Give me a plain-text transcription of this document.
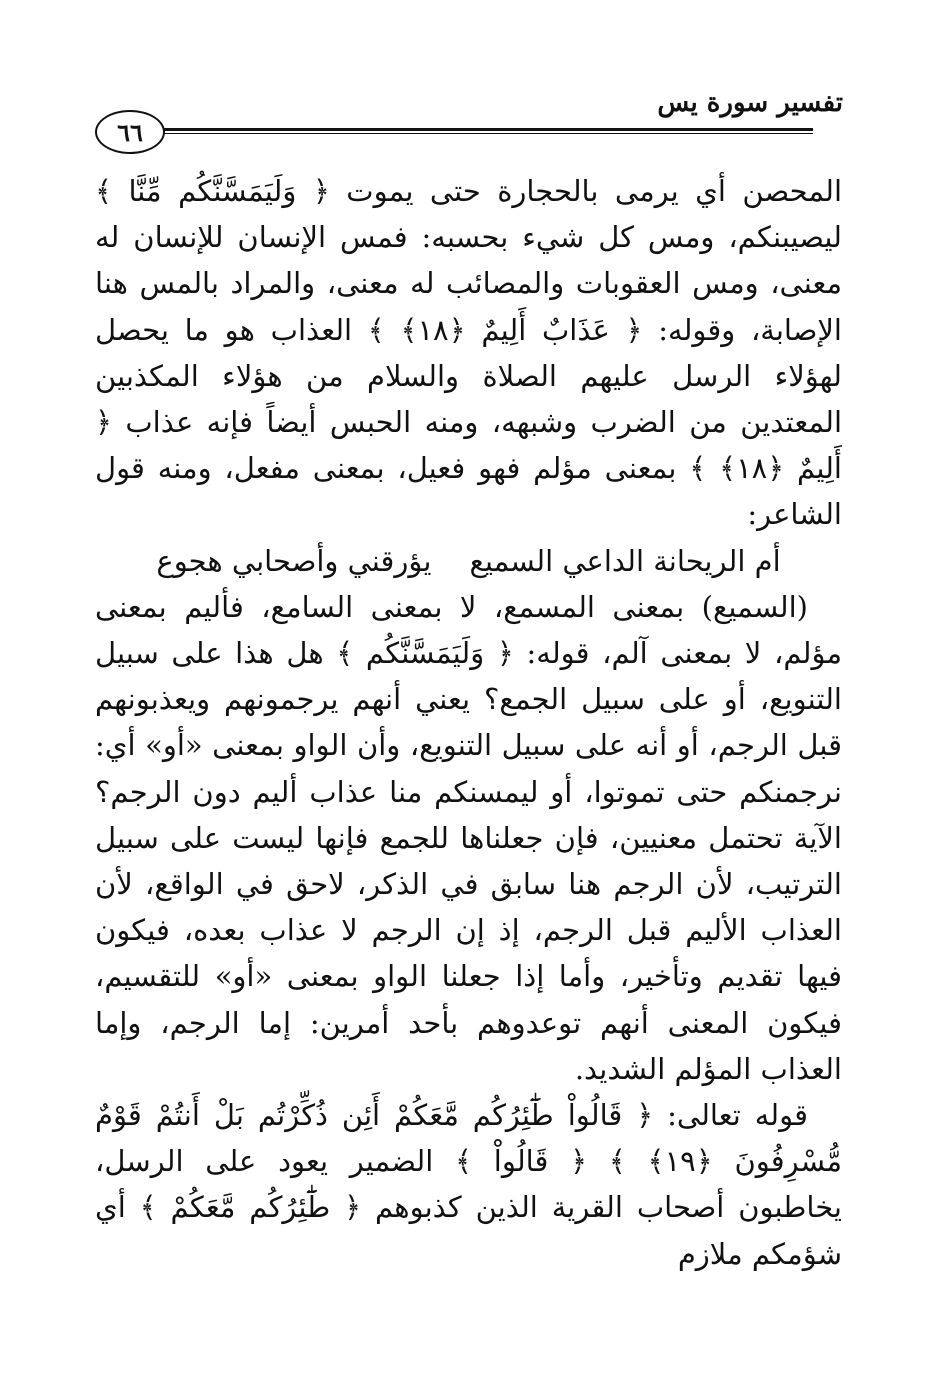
تفسير سورة يس
٦٦

المحصن أي يرمى بالحجارة حتى يموت ﴿ وَلَيَمَسَّنَّكُم مِّنَّا ﴾ ليصيبنكم، ومس كل شيء بحسبه: فمس الإنسان للإنسان له معنى، ومس العقوبات والمصائب له معنى، والمراد بالمس هنا الإصابة، وقوله: ﴿ عَذَابٌ أَلِيمٌ ﴿١٨﴾ ﴾ العذاب هو ما يحصل لهؤلاء الرسل عليهم الصلاة والسلام من هؤلاء المكذبين المعتدين من الضرب وشبهه، ومنه الحبس أيضاً فإنه عذاب ﴿ أَلِيمٌ ﴿١٨﴾ ﴾ بمعنى مؤلم فهو فعيل، بمعنى مفعل، ومنه قول الشاعر:

أم الريحانة الداعي السميع
يؤرقني وأصحابي هجوع

(السميع) بمعنى المسمع، لا بمعنى السامع، فأليم بمعنى مؤلم، لا بمعنى آلم، قوله: ﴿ وَلَيَمَسَّنَّكُم ﴾ هل هذا على سبيل التنويع، أو على سبيل الجمع؟ يعني أنهم يرجمونهم ويعذبونهم قبل الرجم، أو أنه على سبيل التنويع، وأن الواو بمعنى «أو» أي: نرجمنكم حتى تموتوا، أو ليمسنكم منا عذاب أليم دون الرجم؟ الآية تحتمل معنيين، فإن جعلناها للجمع فإنها ليست على سبيل الترتيب، لأن الرجم هنا سابق في الذكر، لاحق في الواقع، لأن العذاب الأليم قبل الرجم، إذ إن الرجم لا عذاب بعده، فيكون فيها تقديم وتأخير، وأما إذا جعلنا الواو بمعنى «أو» للتقسيم، فيكون المعنى أنهم توعدوهم بأحد أمرين: إما الرجم، وإما العذاب المؤلم الشديد.

قوله تعالى: ﴿ قَالُواْ طَٰٓئِرُكُم مَّعَكُمْ أَئِن ذُكِّرْتُم بَلْ أَنتُمْ قَوْمٌ مُّسْرِفُونَ ﴿١٩﴾ ﴾ ﴿ قَالُواْ ﴾ الضمير يعود على الرسل، يخاطبون أصحاب القرية الذين كذبوهم ﴿ طَٰٓئِرُكُم مَّعَكُمْ ﴾ أي شؤمكم ملازم
